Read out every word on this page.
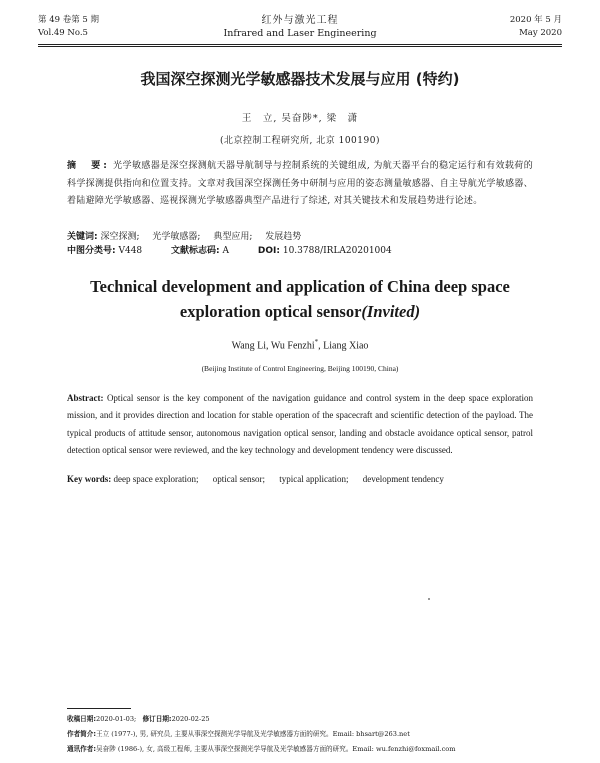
第 49 卷第 5 期
Vol.49 No.5
红外与激光工程
Infrared and Laser Engineering
2020 年 5 月
May 2020
我国深空探测光学敏感器技术发展与应用 (特约)
王　立, 吴奋陟*, 梁　潇
(北京控制工程研究所, 北京 100190)
摘　要: 光学敏感器是深空探测航天器导航制导与控制系统的关键组成, 为航天器平台的稳定运行和有效载荷的科学探测提供指向和位置支持。文章对我国深空探测任务中研制与应用的姿态测量敏感器、自主导航光学敏感器、着陆避障光学敏感器、巡视探测光学敏感器典型产品进行了综述, 对其关键技术和发展趋势进行论述。
关键词: 深空探测; 光学敏感器; 典型应用; 发展趋势
中图分类号: V448	文献标志码: A	DOI: 10.3788/IRLA20201004
Technical development and application of China deep space
exploration optical sensor(Invited)
Wang Li, Wu Fenzhi*, Liang Xiao
(Beijing Institute of Control Engineering, Beijing 100190, China)
Abstract: Optical sensor is the key component of the navigation guidance and control system in the deep space exploration mission, and it provides direction and location for stable operation of the spacecraft and scientific detection of the payload. The typical products of attitude sensor, autonomous navigation optical sensor, landing and obstacle avoidance optical sensor, patrol detection optical sensor were reviewed, and the key technology and development tendency were discussed.
Key words: deep space exploration; optical sensor; typical application; development tendency
收稿日期:2020-01-03; 修订日期:2020-02-25
作者简介:王立 (1977-), 男, 研究员, 主要从事深空探测光学导航及光学敏感器方面的研究。Email: bhsart@263.net
通讯作者:吴奋陟 (1986-), 女, 高级工程师, 主要从事深空探测光学导航及光学敏感器方面的研究。Email: wu.fenzhi@foxmail.com
